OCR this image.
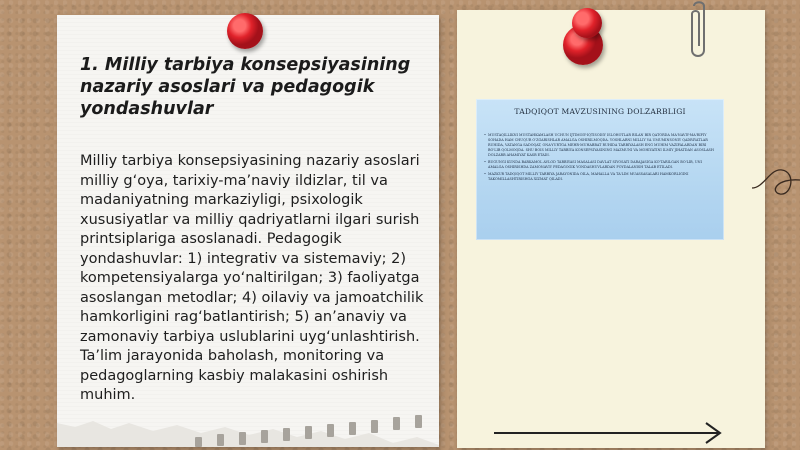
1. Milliy tarbiya konsepsiyasining nazariy asoslari va pedagogik yondashuvlar
Milliy tarbiya konsepsiyasining nazariy asoslari milliy g‘oya, tarixiy-ma’naviy ildizlar, til va madaniyatning markaziyligi, psixologik xususiyatlar va milliy qadriyatlarni ilgari surish printsiplariga asoslanadi. Pedagogik yondashuvlar: 1) integrativ va sistemaviy; 2) kompetensiyalarga yo‘naltirilgan; 3) faoliyatga asoslangan metodlar; 4) oilaviy va jamoatchilik hamkorligini rag‘batlantirish; 5) an’anaviy va zamonaviy tarbiya uslublarini uyg‘unlashtirish. Ta’lim jarayonida baholash, monitoring va pedagoglarning kasbiy malakasini oshirish muhim.
TADQIQOT MAVZUSINING DOLZARBLIGI

• MUSTAQILLIKNI MUSTAHKAMLASH UCHUN IJTIMOIY-IQTISODIY ISLOHOTLAR BILAN BIR QATORDA MA'NAVIY-MA'RIFIY SOHADA HAM CHUQUR O'ZGARISHLAR AMALGA OSHIRILMOQDA. YOSHLARNI MILLIY VA UMUMINSONIY QADRIYATLAR RUHIDA, VATANGA SADOQAT, ONA-YURTGA MEHR-MUHABBAT RUHIDA TARBIYALASH ENG MUHIM VAZIFALARDAN BIRI BO'LIB QOLMOQDA. SHU BOIS MILLIY TARBIYA KONSEPSIYASINING MAZMUNI VA MOHIYATINI ILMIY JIHATDAN ASOSLASH DOLZARB AHAMIYAT KASB ETADI.

• BUGUNGI KUNDA BARKAMOL AVLOD TARBIYASI MASALASI DAVLAT SIYOSATI DARAJASIGA KO'TARILGAN BO'LIB, UNI AMALGA OSHIRISHDA ZAMONAVIY PEDAGOGIK YONDASHUVLARDAN FOYDALANISH TALAB ETILADI.

• MAZKUR TADQIQOT MILLIY TARBIYA JARAYONIDA OILA, MAHALLA VA TA'LIM MUASSASALARI HAMKORLIGINI TAKOMILLASHTIRISHGA XIZMAT QILADI.
